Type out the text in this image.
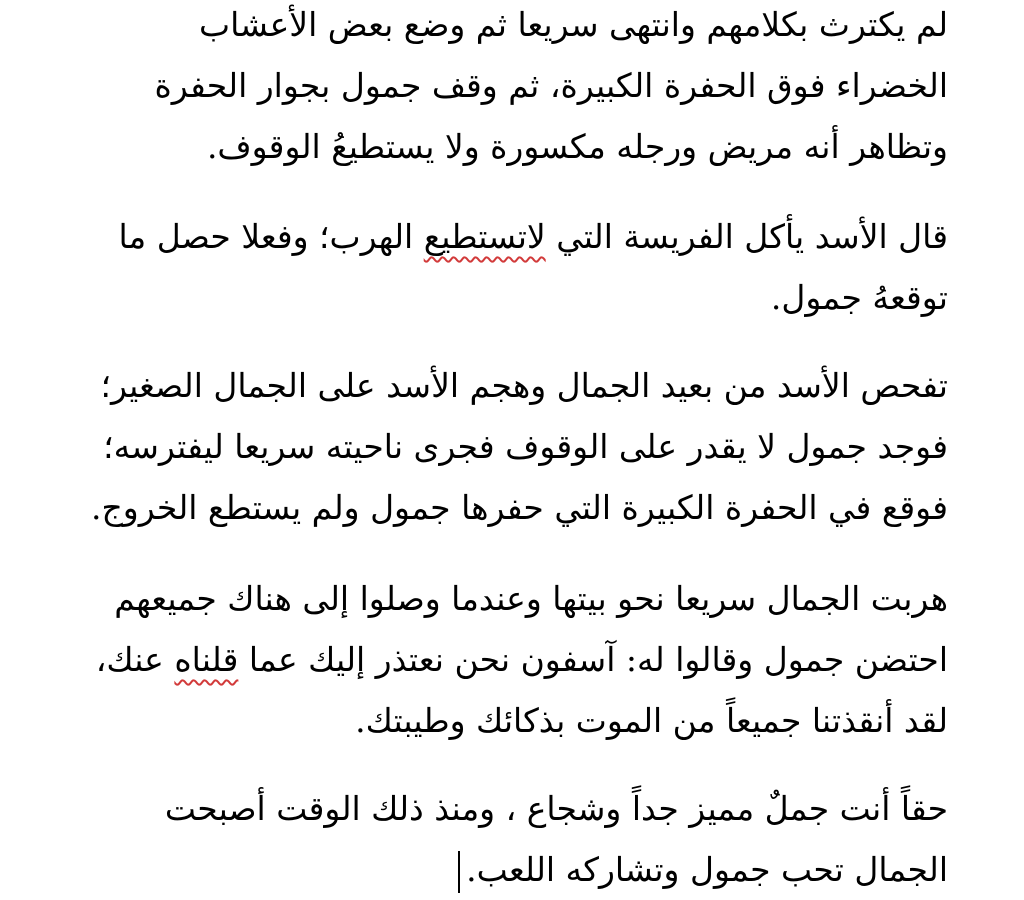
لم يكترث بكلامهم وانتهى سريعا ثم وضع بعض الأعشاب
الخضراء فوق الحفرة الكبيرة، ثم وقف جمول بجوار الحفرة
وتظاهر أنه مريض ورجله مكسورة ولا يستطيعُ الوقوف.

قال الأسد يأكل الفريسة التي لاتستطيع الهرب؛ وفعلا حصل ما
توقعهُ جمول.

تفحص الأسد من بعيد الجمال وهجم الأسد على الجمال الصغير؛
فوجد جمول لا يقدر على الوقوف فجرى ناحيته سريعا ليفترسه؛
فوقع في الحفرة الكبيرة التي حفرها جمول ولم يستطع الخروج.

هربت الجمال سريعا نحو بيتها وعندما وصلوا إلى هناك جميعهم
احتضن جمول وقالوا له: آسفون نحن نعتذر إليك عما قلناه عنك،
لقد أنقذتنا جميعاً من الموت بذكائك وطيبتك.

حقاً أنت جملٌ مميز جداً وشجاع ، ومنذ ذلك الوقت أصبحت
الجمال تحب جمول وتشاركه اللعب.
